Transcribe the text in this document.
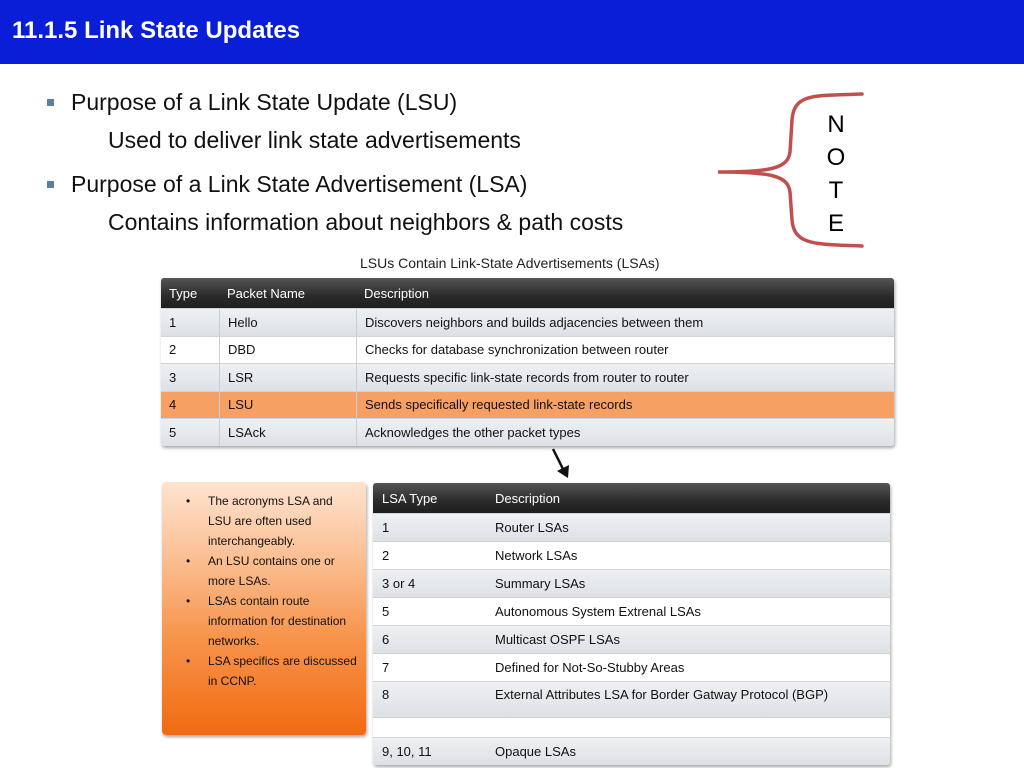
11.1.5 Link State Updates
Purpose of a Link State Update (LSU)
Used to deliver link state advertisements
Purpose of a Link State Advertisement (LSA)
Contains information about neighbors & path costs
N
O
T
E
LSUs Contain Link-State Advertisements (LSAs)
Type	Packet Name	Description
1	Hello	Discovers neighbors and builds adjacencies between them
2	DBD	Checks for database synchronization between router
3	LSR	Requests specific link-state records from router to router
4	LSU	Sends specifically requested link-state records
5	LSAck	Acknowledges the other packet types
• The acronyms LSA and LSU are often used interchangeably.
• An LSU contains one or more LSAs.
• LSAs contain route information for destination networks.
• LSA specifics are discussed in CCNP.
LSA Type	Description
1	Router LSAs
2	Network LSAs
3 or 4	Summary LSAs
5	Autonomous System Extrenal LSAs
6	Multicast OSPF LSAs
7	Defined for Not-So-Stubby Areas
8	External Attributes LSA for Border Gatway Protocol (BGP)
9, 10, 11	Opaque LSAs
